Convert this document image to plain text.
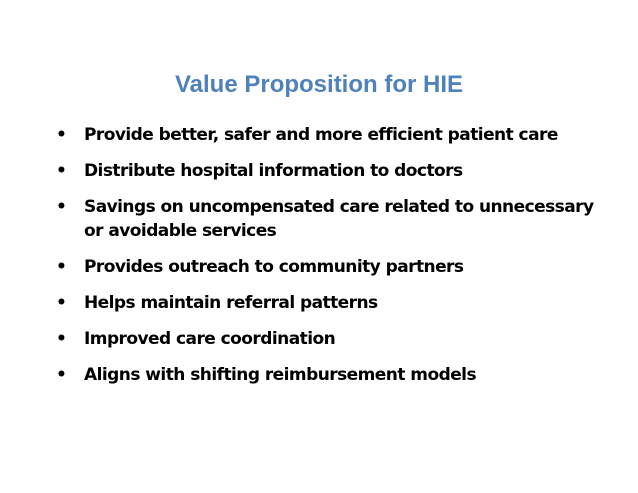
Value Proposition for HIE
• Provide better, safer and more efficient patient care
• Distribute hospital information to doctors
• Savings on uncompensated care related to unnecessary or avoidable services
• Provides outreach to community partners
• Helps maintain referral patterns
• Improved care coordination
• Aligns with shifting reimbursement models
